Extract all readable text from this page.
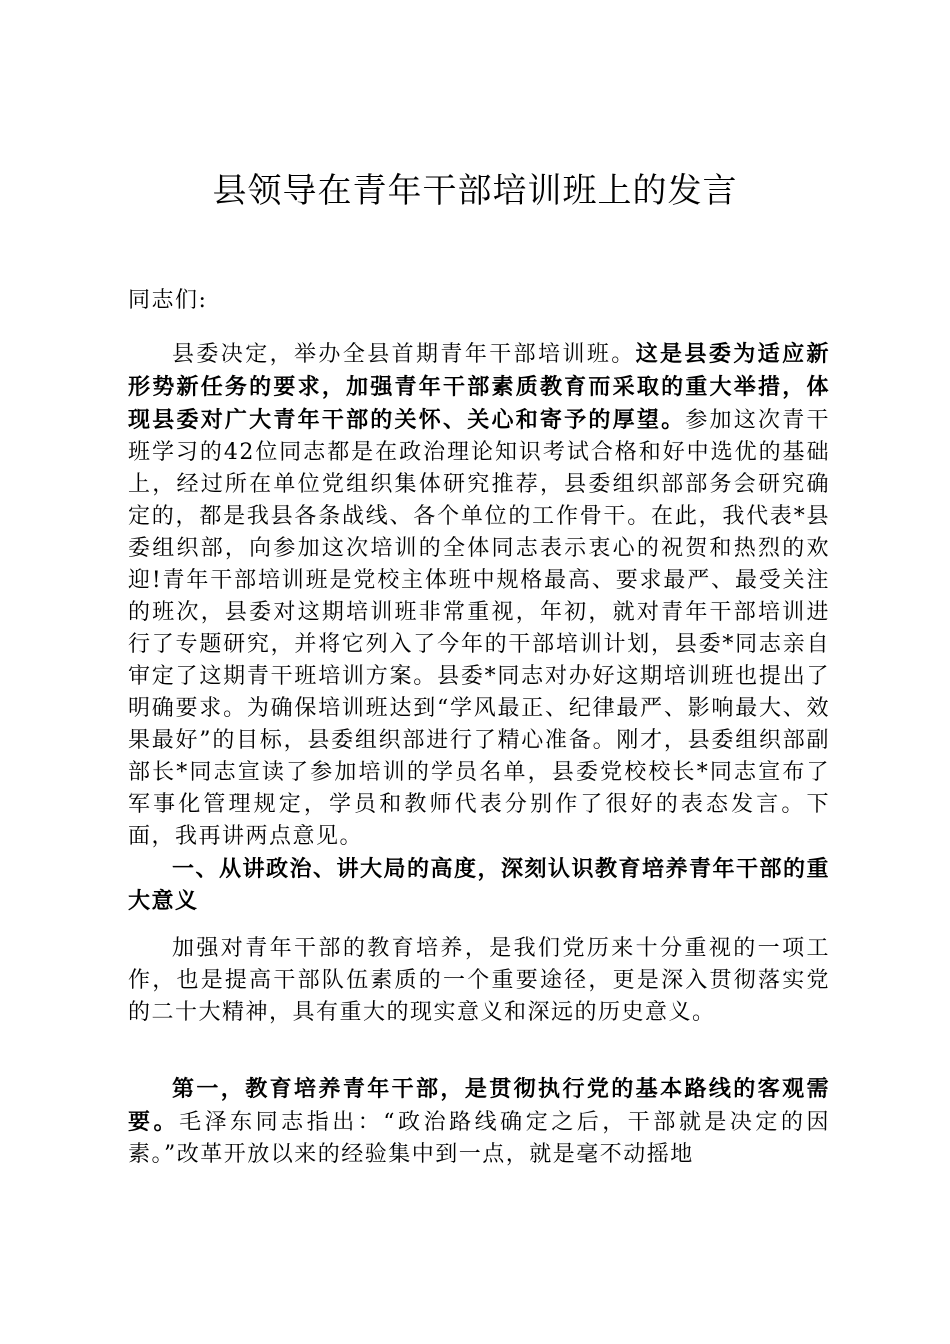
县领导在青年干部培训班上的发言

同志们:

县委决定，举办全县首期青年干部培训班。这是县委为适应新形势新任务的要求，加强青年干部素质教育而采取的重大举措，体现县委对广大青年干部的关怀、关心和寄予的厚望。参加这次青干班学习的42位同志都是在政治理论知识考试合格和好中选优的基础上，经过所在单位党组织集体研究推荐，县委组织部部务会研究确定的，都是我县各条战线、各个单位的工作骨干。在此，我代表*县委组织部，向参加这次培训的全体同志表示衷心的祝贺和热烈的欢迎!青年干部培训班是党校主体班中规格最高、要求最严、最受关注的班次，县委对这期培训班非常重视，年初，就对青年干部培训进行了专题研究，并将它列入了今年的干部培训计划，县委*同志亲自审定了这期青干班培训方案。县委*同志对办好这期培训班也提出了明确要求。为确保培训班达到“学风最正、纪律最严、影响最大、效果最好”的目标，县委组织部进行了精心准备。刚才，县委组织部副部长*同志宣读了参加培训的学员名单，县委党校校长*同志宣布了军事化管理规定，学员和教师代表分别作了很好的表态发言。下面，我再讲两点意见。

一、从讲政治、讲大局的高度，深刻认识教育培养青年干部的重大意义

加强对青年干部的教育培养，是我们党历来十分重视的一项工作，也是提高干部队伍素质的一个重要途径，更是深入贯彻落实党的二十大精神，具有重大的现实意义和深远的历史意义。

第一，教育培养青年干部，是贯彻执行党的基本路线的客观需要。毛泽东同志指出：“政治路线确定之后，干部就是决定的因素。”改革开放以来的经验集中到一点，就是毫不动摇地
